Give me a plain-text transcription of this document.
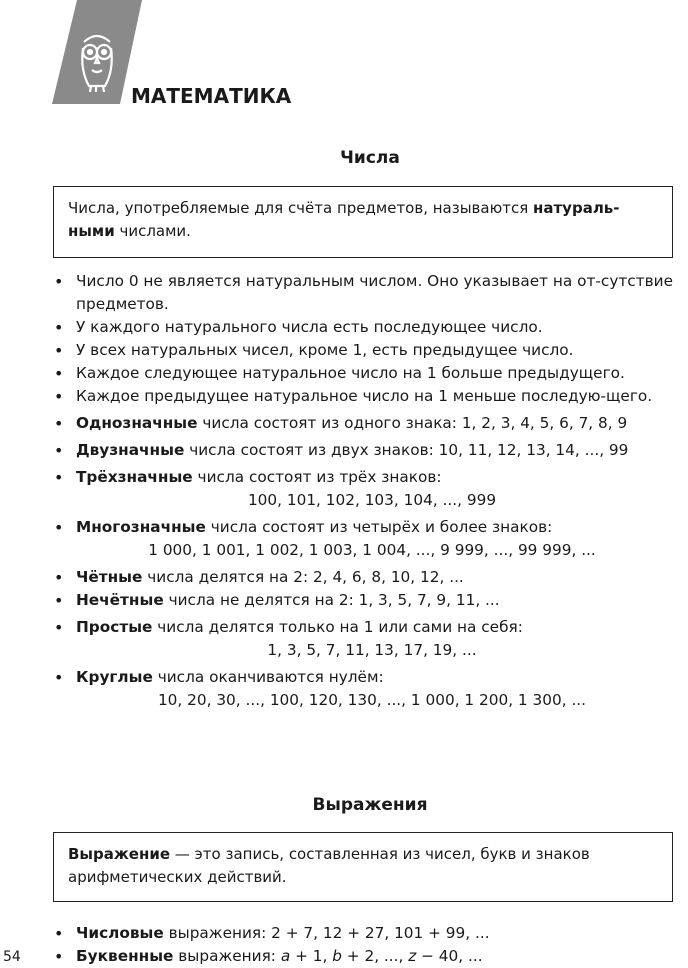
МАТЕМАТИКА
Числа
Числа, употребляемые для счёта предметов, называются натураль-ными числами.
• Число 0 не является натуральным числом. Оно указывает на от-сутствие предметов.
• У каждого натурального числа есть последующее число.
• У всех натуральных чисел, кроме 1, есть предыдущее число.
• Каждое следующее натуральное число на 1 больше предыдущего.
• Каждое предыдущее натуральное число на 1 меньше последую-щего.
• Однозначные числа состоят из одного знака: 1, 2, 3, 4, 5, 6, 7, 8, 9
• Двузначные числа состоят из двух знаков: 10, 11, 12, 13, 14, ..., 99
• Трёхзначные числа состоят из трёх знаков:
100, 101, 102, 103, 104, ..., 999
• Многозначные числа состоят из четырёх и более знаков:
1 000, 1 001, 1 002, 1 003, 1 004, ..., 9 999, ..., 99 999, ...
• Чётные числа делятся на 2: 2, 4, 6, 8, 10, 12, ...
• Нечётные числа не делятся на 2: 1, 3, 5, 7, 9, 11, ...
• Простые числа делятся только на 1 или сами на себя:
1, 3, 5, 7, 11, 13, 17, 19, ...
• Круглые числа оканчиваются нулём:
10, 20, 30, ..., 100, 120, 130, ..., 1 000, 1 200, 1 300, ...
Выражения
Выражение — это запись, составленная из чисел, букв и знаков арифметических действий.
• Числовые выражения: 2 + 7, 12 + 27, 101 + 99, ...
• Буквенные выражения: a + 1, b + 2, ..., z − 40, ...
54
